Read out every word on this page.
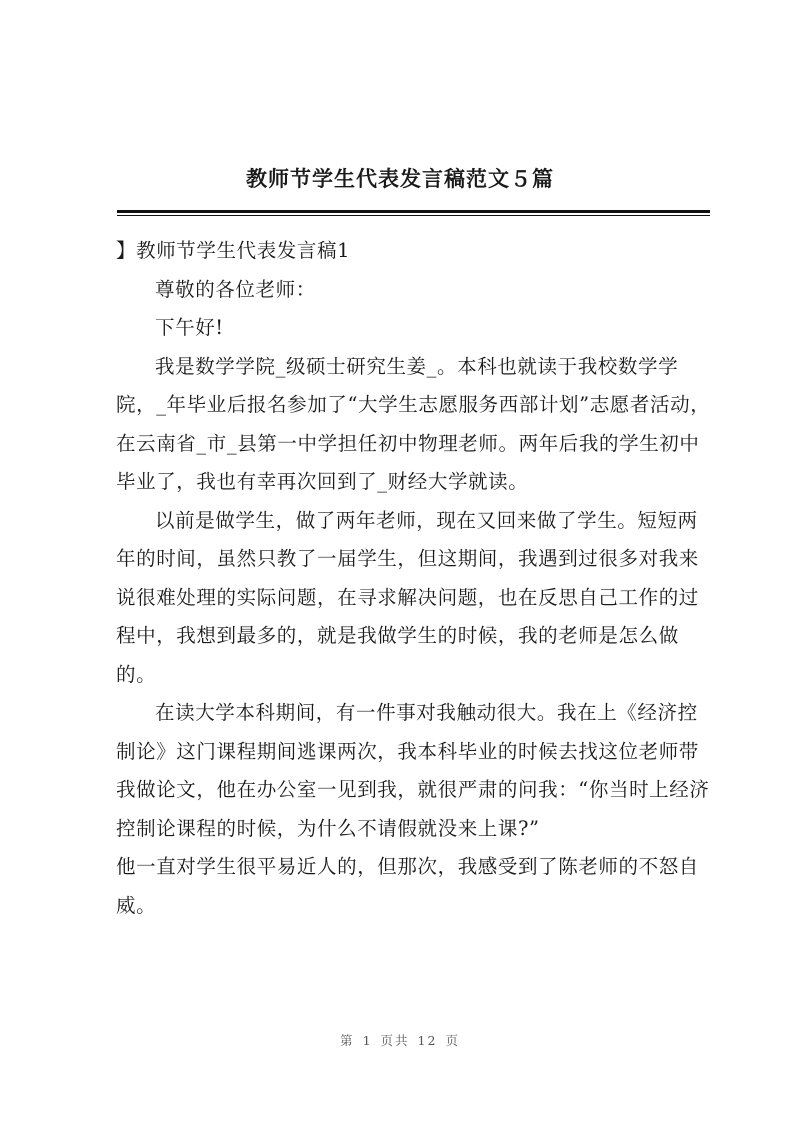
教师节学生代表发言稿范文５篇

】教师节学生代表发言稿1

尊敬的各位老师：

下午好!

我是数学学院_级硕士研究生姜_。本科也就读于我校数学学院，_年毕业后报名参加了“大学生志愿服务西部计划”志愿者活动，在云南省_市_县第一中学担任初中物理老师。两年后我的学生初中毕业了，我也有幸再次回到了_财经大学就读。

以前是做学生，做了两年老师，现在又回来做了学生。短短两年的时间，虽然只教了一届学生，但这期间，我遇到过很多对我来说很难处理的实际问题，在寻求解决问题，也在反思自己工作的过程中，我想到最多的，就是我做学生的时候，我的老师是怎么做的。

在读大学本科期间，有一件事对我触动很大。我在上《经济控制论》这门课程期间逃课两次，我本科毕业的时候去找这位老师带我做论文，他在办公室一见到我，就很严肃的问我：“你当时上经济控制论课程的时候，为什么不请假就没来上课?”

他一直对学生很平易近人的，但那次，我感受到了陈老师的不怒自威。

第 1 页共 12 页
